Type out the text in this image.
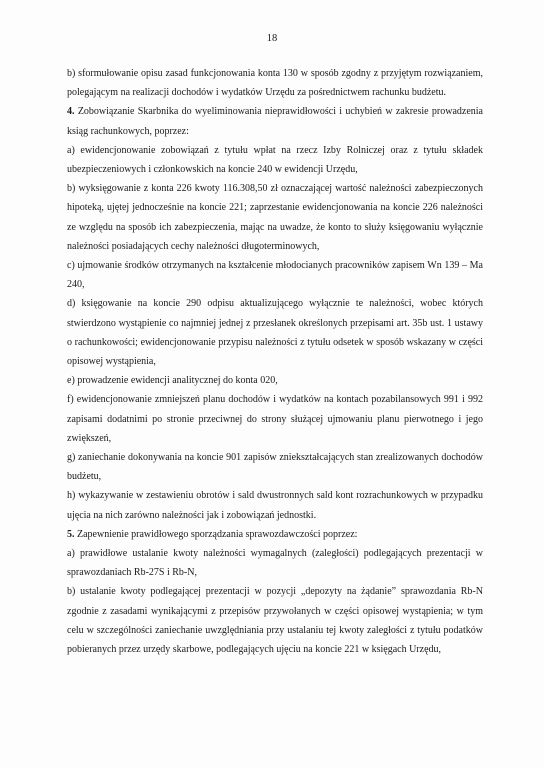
18

b) sformułowanie opisu zasad funkcjonowania konta 130 w sposób zgodny z przyjętym rozwiązaniem, polegającym na realizacji dochodów i wydatków Urzędu za pośrednictwem rachunku budżetu.

4. Zobowiązanie Skarbnika do wyeliminowania nieprawidłowości i uchybień w zakresie prowadzenia ksiąg rachunkowych, poprzez:

a) ewidencjonowanie zobowiązań z tytułu wpłat na rzecz Izby Rolniczej oraz z tytułu składek ubezpieczeniowych i członkowskich na koncie 240 w ewidencji Urzędu,

b) wyksięgowanie z konta 226 kwoty 116.308,50 zł oznaczającej wartość należności zabezpieczonych hipoteką, ujętej jednocześnie na koncie 221; zaprzestanie ewidencjonowania na koncie 226 należności ze względu na sposób ich zabezpieczenia, mając na uwadze, że konto to służy księgowaniu wyłącznie należności posiadających cechy należności długoterminowych,

c) ujmowanie środków otrzymanych na kształcenie młodocianych pracowników zapisem Wn 139 – Ma 240,

d) księgowanie na koncie 290 odpisu aktualizującego wyłącznie te należności, wobec których stwierdzono wystąpienie co najmniej jednej z przesłanek określonych przepisami art. 35b ust. 1 ustawy o rachunkowości; ewidencjonowanie przypisu należności z tytułu odsetek w sposób wskazany w części opisowej wystąpienia,

e) prowadzenie ewidencji analitycznej do konta 020,

f) ewidencjonowanie zmniejszeń planu dochodów i wydatków na kontach pozabilansowych 991 i 992 zapisami dodatnimi po stronie przeciwnej do strony służącej ujmowaniu planu pierwotnego i jego zwiększeń,

g) zaniechanie dokonywania na koncie 901 zapisów zniekształcających stan zrealizowanych dochodów budżetu,

h) wykazywanie w zestawieniu obrotów i sald dwustronnych sald kont rozrachunkowych w przypadku ujęcia na nich zarówno należności jak i zobowiązań jednostki.

5. Zapewnienie prawidłowego sporządzania sprawozdawczości poprzez:

a) prawidłowe ustalanie kwoty należności wymagalnych (zaległości) podlegających prezentacji w sprawozdaniach Rb-27S i Rb-N,

b) ustalanie kwoty podlegającej prezentacji w pozycji „depozyty na żądanie” sprawozdania Rb-N zgodnie z zasadami wynikającymi z przepisów przywołanych w części opisowej wystąpienia; w tym celu w szczególności zaniechanie uwzględniania przy ustalaniu tej kwoty zaległości z tytułu podatków pobieranych przez urzędy skarbowe, podlegających ujęciu na koncie 221 w księgach Urzędu,
